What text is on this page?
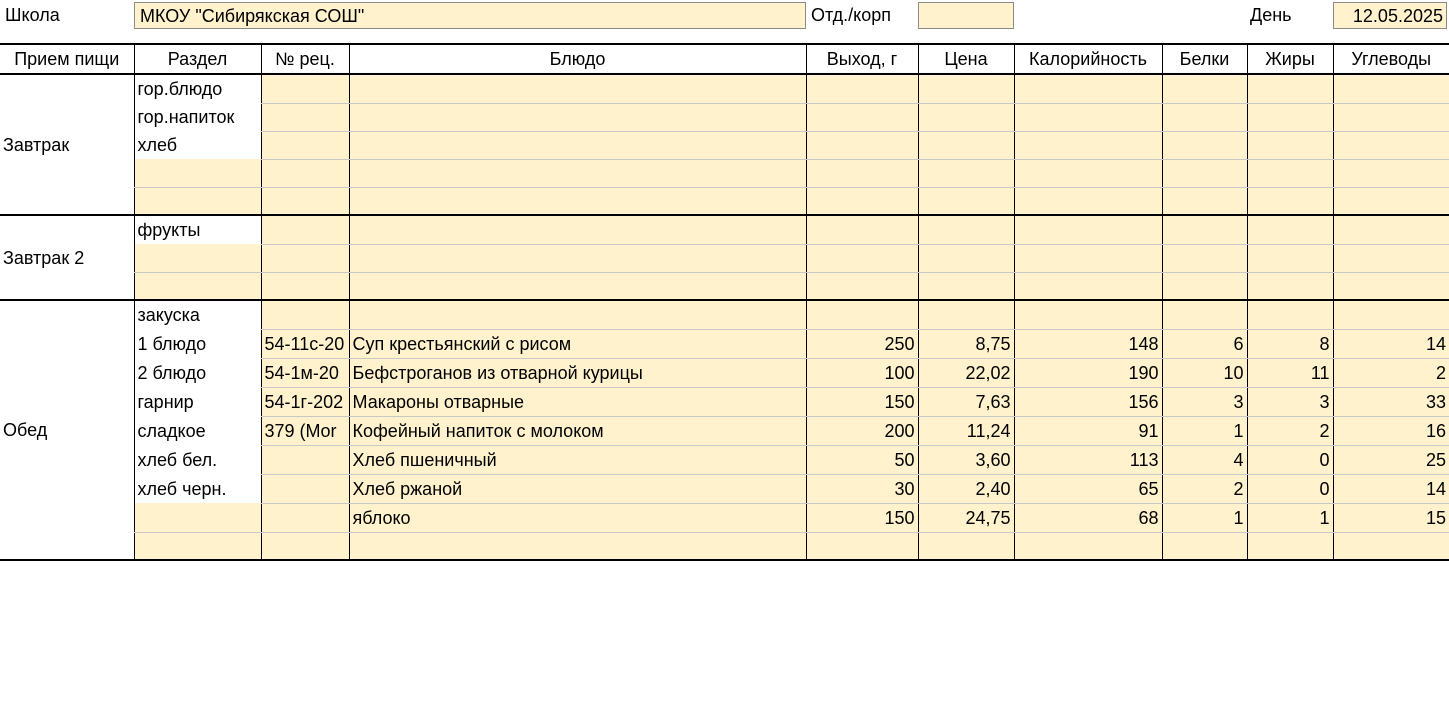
Школа	МКОУ "Сибирякская СОШ"	Отд./корп	День	12.05.2025
Прием пищи	Раздел	№ рец.	Блюдо	Выход, г	Цена	Калорийность	Белки	Жиры	Углеводы
Завтрак	гор.блюдо								
	гор.напиток								
	хлеб								

Завтрак 2	фрукты								

Обед	закуска								
	1 блюдо	54-11с-20	Суп крестьянский с рисом	250	8,75	148	6	8	14
	2 блюдо	54-1м-20	Бефстроганов из отварной курицы	100	22,02	190	10	11	2
	гарнир	54-1г-202	Макароны отварные	150	7,63	156	3	3	33
	сладкое	379 (Mor	Кофейный напиток с молоком	200	11,24	91	1	2	16
	хлеб бел.		Хлеб пшеничный	50	3,60	113	4	0	25
	хлеб черн.		Хлеб ржаной	30	2,40	65	2	0	14
			яблоко	150	24,75	68	1	1	15
